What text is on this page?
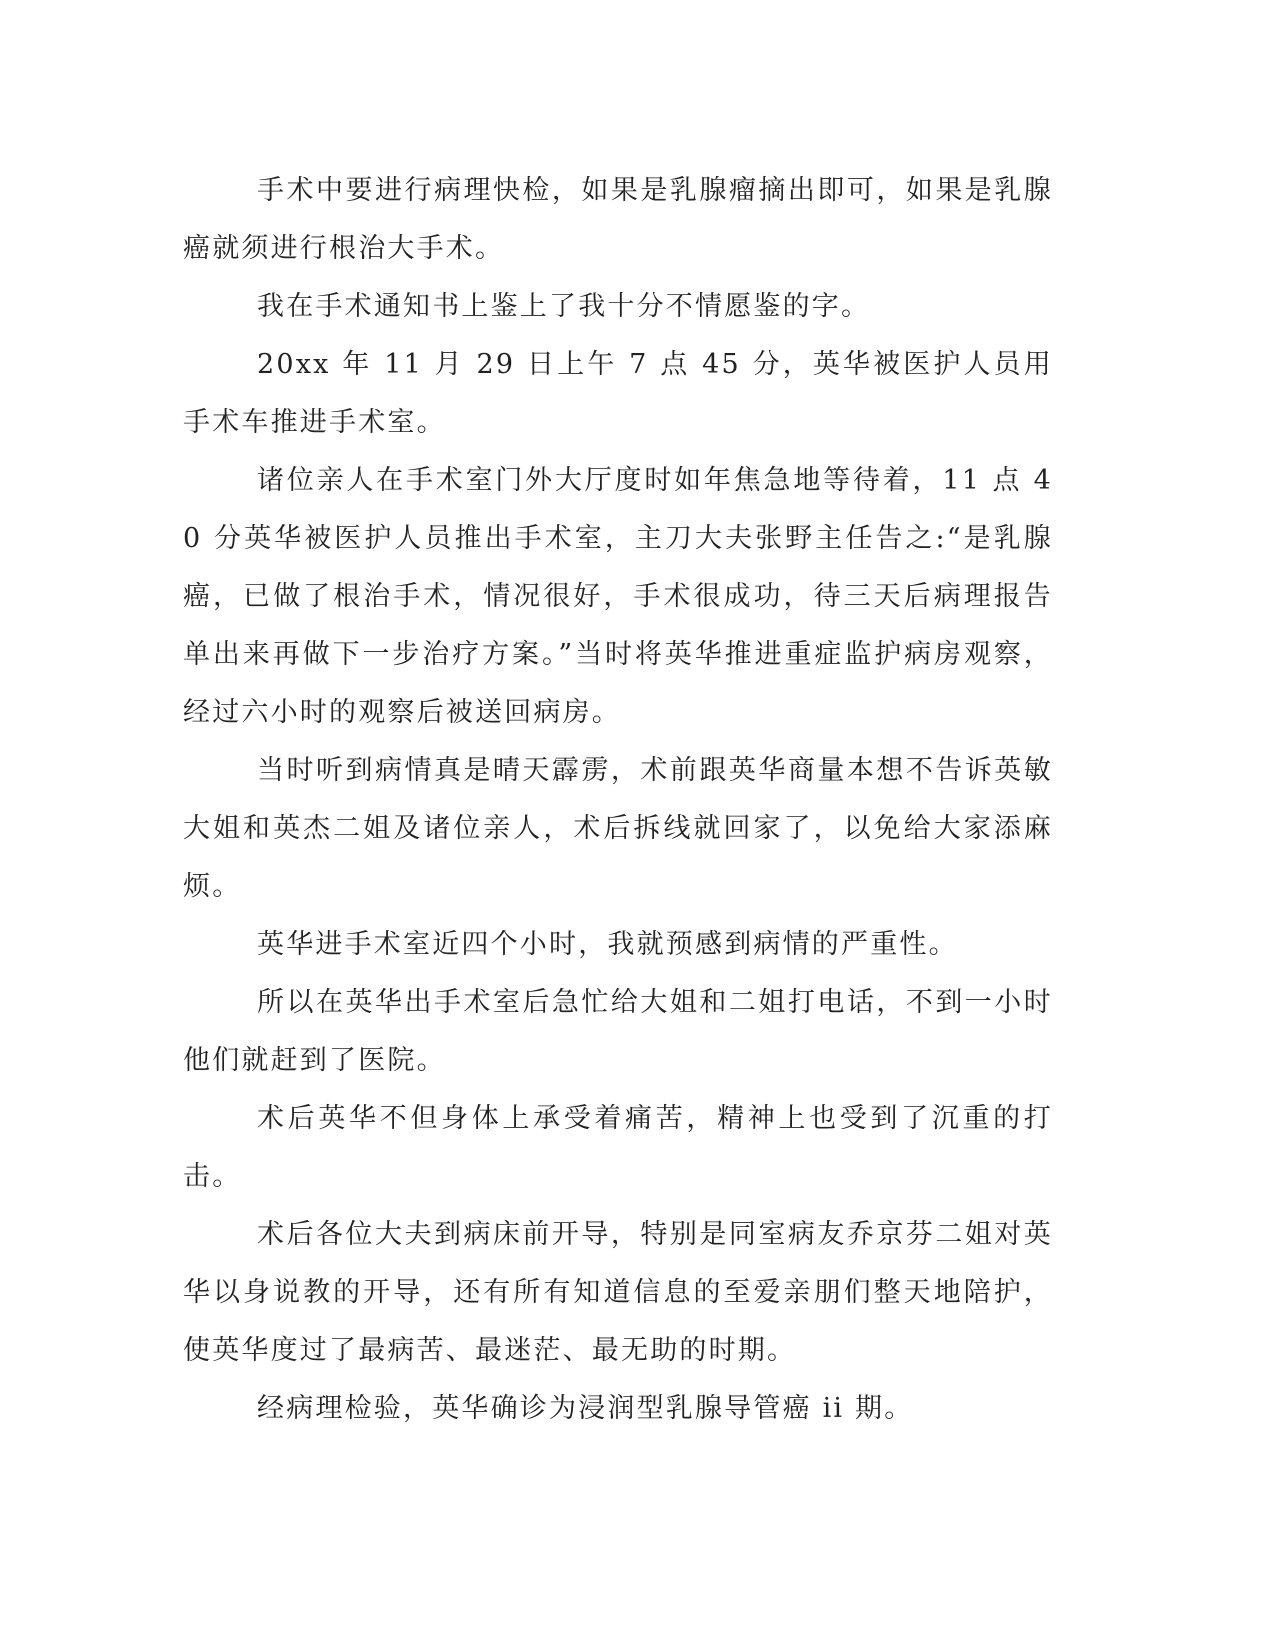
手术中要进行病理快检，如果是乳腺瘤摘出即可，如果是乳腺癌就须进行根治大手术。

我在手术通知书上鉴上了我十分不情愿鉴的字。

20xx 年 11 月 29 日上午 7 点 45 分，英华被医护人员用手术车推进手术室。

诸位亲人在手术室门外大厅度时如年焦急地等待着，11 点 40 分英华被医护人员推出手术室，主刀大夫张野主任告之:“是乳腺癌，已做了根治手术，情况很好，手术很成功，待三天后病理报告单出来再做下一步治疗方案。”当时将英华推进重症监护病房观察，经过六小时的观察后被送回病房。

当时听到病情真是晴天霹雳，术前跟英华商量本想不告诉英敏大姐和英杰二姐及诸位亲人，术后拆线就回家了，以免给大家添麻烦。

英华进手术室近四个小时，我就预感到病情的严重性。

所以在英华出手术室后急忙给大姐和二姐打电话，不到一小时他们就赶到了医院。

术后英华不但身体上承受着痛苦，精神上也受到了沉重的打击。

术后各位大夫到病床前开导，特别是同室病友乔京芬二姐对英华以身说教的开导，还有所有知道信息的至爱亲朋们整天地陪护，使英华度过了最病苦、最迷茫、最无助的时期。

经病理检验，英华确诊为浸润型乳腺导管癌 ii 期。
